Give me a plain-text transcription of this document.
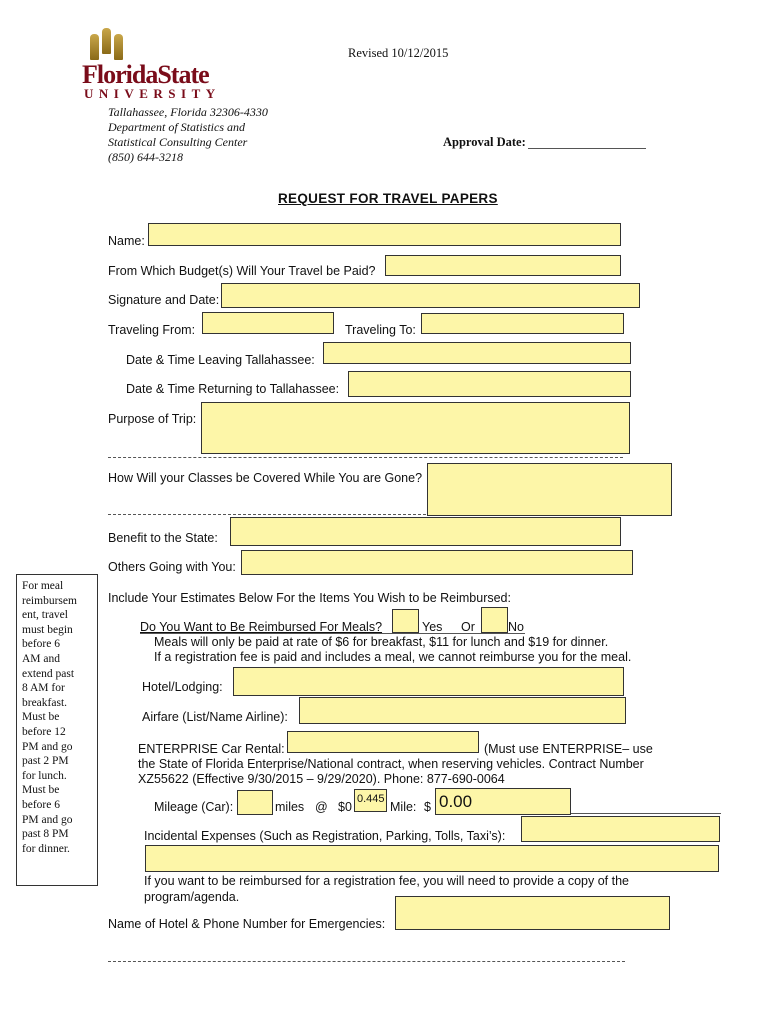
FloridaState
UNIVERSITY
Revised 10/12/2015
Tallahassee, Florida 32306-4330
Department of Statistics and
Statistical Consulting Center
(850) 644-3218
Approval Date:
REQUEST FOR TRAVEL PAPERS
Name:
From Which Budget(s) Will Your Travel be Paid?
Signature and Date:
Traveling From:	Traveling To:
Date & Time Leaving Tallahassee:
Date & Time Returning to Tallahassee:
Purpose of Trip:
How Will your Classes be Covered While You are Gone?
Benefit to the State:
Others Going with You:
For meal
reimbursem
ent, travel
must begin
before 6
AM and
extend past
8 AM for
breakfast.
Must be
before 12
PM and go
past 2 PM
for lunch.
Must be
before 6
PM and go
past 8 PM
for dinner.
Include Your Estimates Below For the Items You Wish to be Reimbursed:
Do You Want to Be Reimbursed For Meals?	Yes Or	No
Meals will only be paid at rate of $6 for breakfast, $11 for lunch and $19 for dinner.
If a registration fee is paid and includes a meal, we cannot reimburse you for the meal.
Hotel/Lodging:
Airfare (List/Name Airline):
ENTERPRISE Car Rental:	(Must use ENTERPRISE– use
the State of Florida Enterprise/National contract, when reserving vehicles. Contract Number
XZ55622 (Effective 9/30/2015 – 9/29/2020). Phone: 877-690-0064
Mileage (Car):	miles @ $0
0.445
Mile: $ 0.00
Incidental Expenses (Such as Registration, Parking, Tolls, Taxi’s):
If you want to be reimbursed for a registration fee, you will need to provide a copy of the
program/agenda.
Name of Hotel & Phone Number for Emergencies:
